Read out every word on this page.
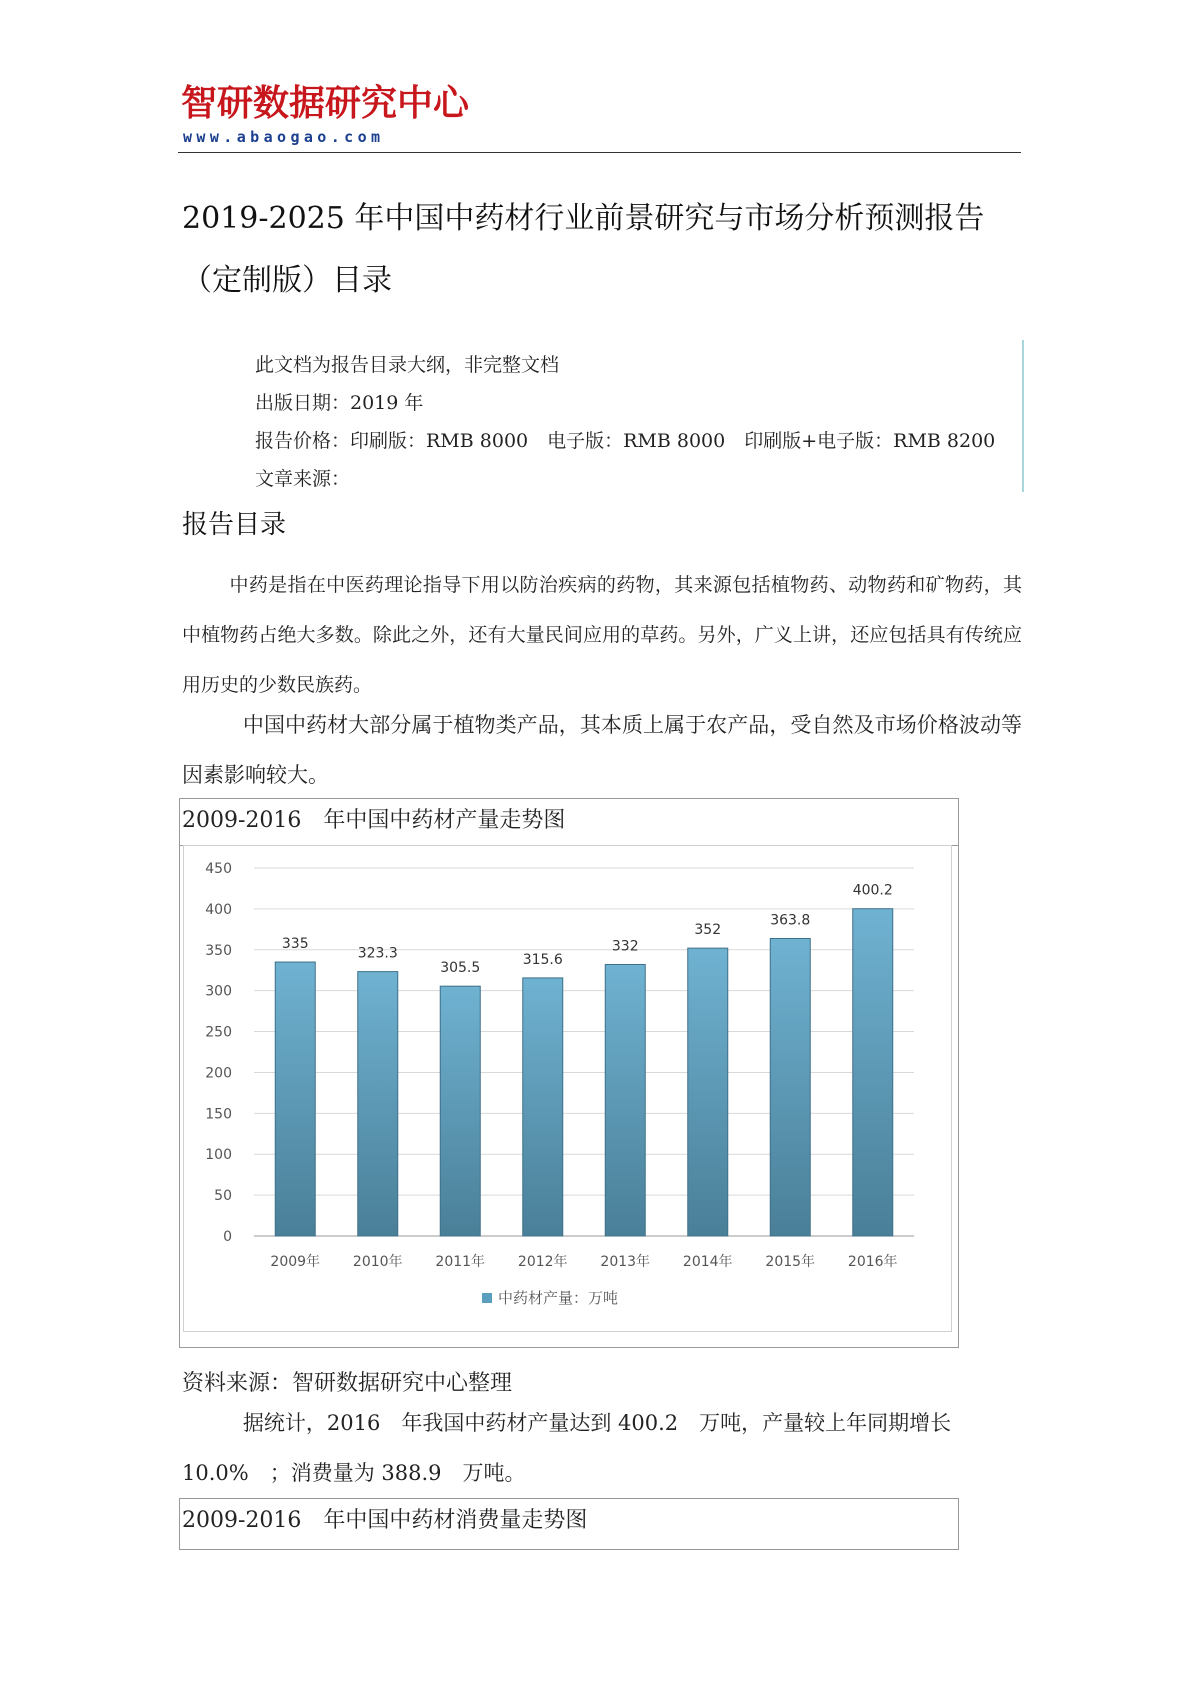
智研数据研究中心
www.abaogao.com
2019-2025 年中国中药材行业前景研究与市场分析预测报告（定制版）目录
此文档为报告目录大纲，非完整文档
出版日期：2019 年
报告价格：印刷版：RMB 8000　电子版：RMB 8000　印刷版+电子版：RMB 8200
文章来源：
报告目录
中药是指在中医药理论指导下用以防治疾病的药物，其来源包括植物药、动物药和矿物药，其中植物药占绝大多数。除此之外，还有大量民间应用的草药。另外，广义上讲，还应包括具有传统应用历史的少数民族药。
中国中药材大部分属于植物类产品，其本质上属于农产品，受自然及市场价格波动等因素影响较大。
2009-2016　年中国中药材产量走势图
0
50
100
150
200
250
300
350
400
450
335
2009年
323.3
2010年
305.5
2011年
315.6
2012年
332
2013年
352
2014年
363.8
2015年
400.2
2016年
中药材产量：万吨
资料来源：智研数据研究中心整理
据统计，2016　年我国中药材产量达到 400.2　万吨，产量较上年同期增长 10.0%　；消费量为 388.9　万吨。
2009-2016　年中国中药材消费量走势图
